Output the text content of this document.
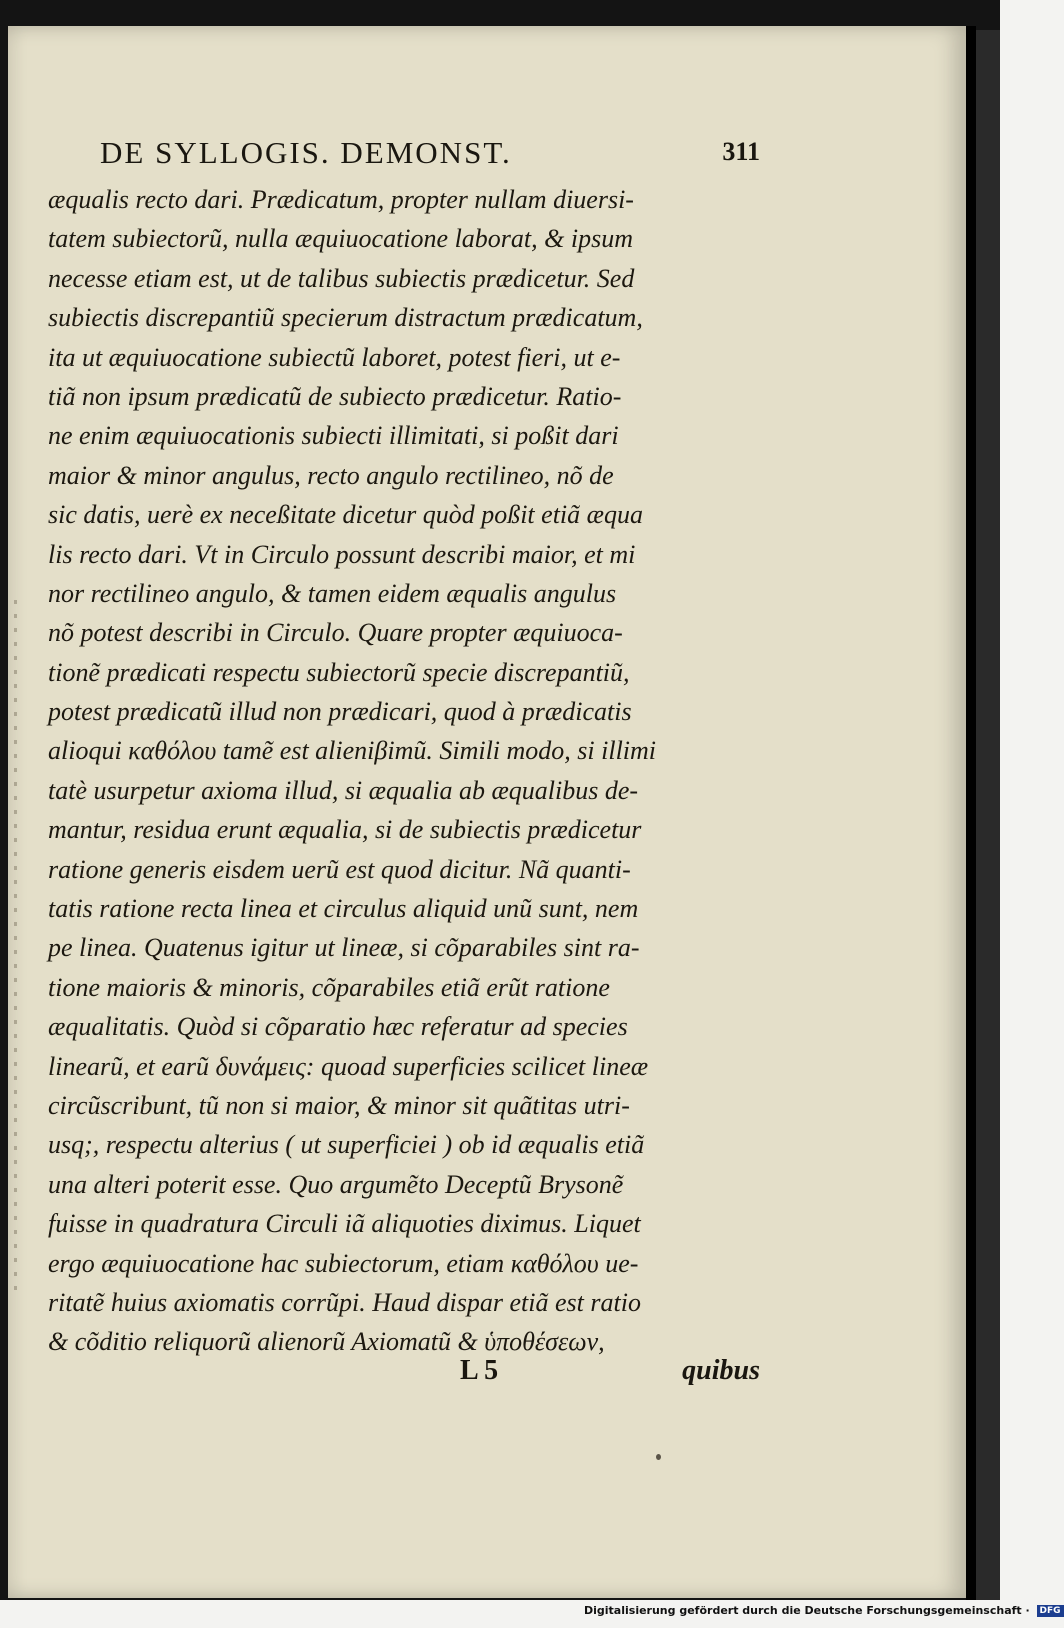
DE SYLLOGIS. DEMONST.	311
æqualis recto dari. Prædicatum, propter nullam diuersi-
tatem subiectorũ, nulla æquiuocatione laborat, & ipsum
necesse etiam est, ut de talibus subiectis prædicetur. Sed
subiectis discrepantiũ specierum distractum prædicatum,
ita ut æquiuocatione subiectũ laboret, potest fieri, ut e-
tiã non ipsum prædicatũ de subiecto prædicetur. Ratio-
ne enim æquiuocationis subiecti illimitati, si poßit dari
maior & minor angulus, recto angulo rectilineo, nõ de
sic datis, uerè ex neceßitate dicetur quòd poßit etiã æqua
lis recto dari. Vt in Circulo possunt describi maior, et mi
nor rectilineo angulo, & tamen eidem æqualis angulus
nõ potest describi in Circulo. Quare propter æquiuoca-
tionẽ prædicati respectu subiectorũ specie discrepantiũ,
potest prædicatũ illud non prædicari, quod à prædicatis
alioqui καθόλου tamẽ est alieniβimũ. Simili modo, si illimi
tatè usurpetur axioma illud, si æqualia ab æqualibus de-
mantur, residua erunt æqualia, si de subiectis prædicetur
ratione generis eisdem uerũ est quod dicitur. Nã quanti-
tatis ratione recta linea et circulus aliquid unũ sunt, nem
pe linea. Quatenus igitur ut lineæ, si cõparabiles sint ra-
tione maioris & minoris, cõparabiles etiã erũt ratione
æqualitatis. Quòd si cõparatio hæc referatur ad species
linearũ, et earũ δυνάμεις: quoad superficies scilicet lineæ
circũscribunt, tũ non si maior, & minor sit quãtitas utri-
usq;, respectu alterius ( ut superficiei ) ob id æqualis etiã
una alteri poterit esse. Quo argumẽto Deceptũ Brysonẽ
fuisse in quadratura Circuli iã aliquoties diximus. Liquet
ergo æquiuocatione hac subiectorum, etiam καθόλου ue-
ritatẽ huius axiomatis corrũpi. Haud dispar etiã est ratio
& cõditio reliquorũ alienorũ Axiomatũ & ὑποθέσεων,
L 5	quibus
Digitalisierung gefördert durch die Deutsche Forschungsgemeinschaft · DFG
